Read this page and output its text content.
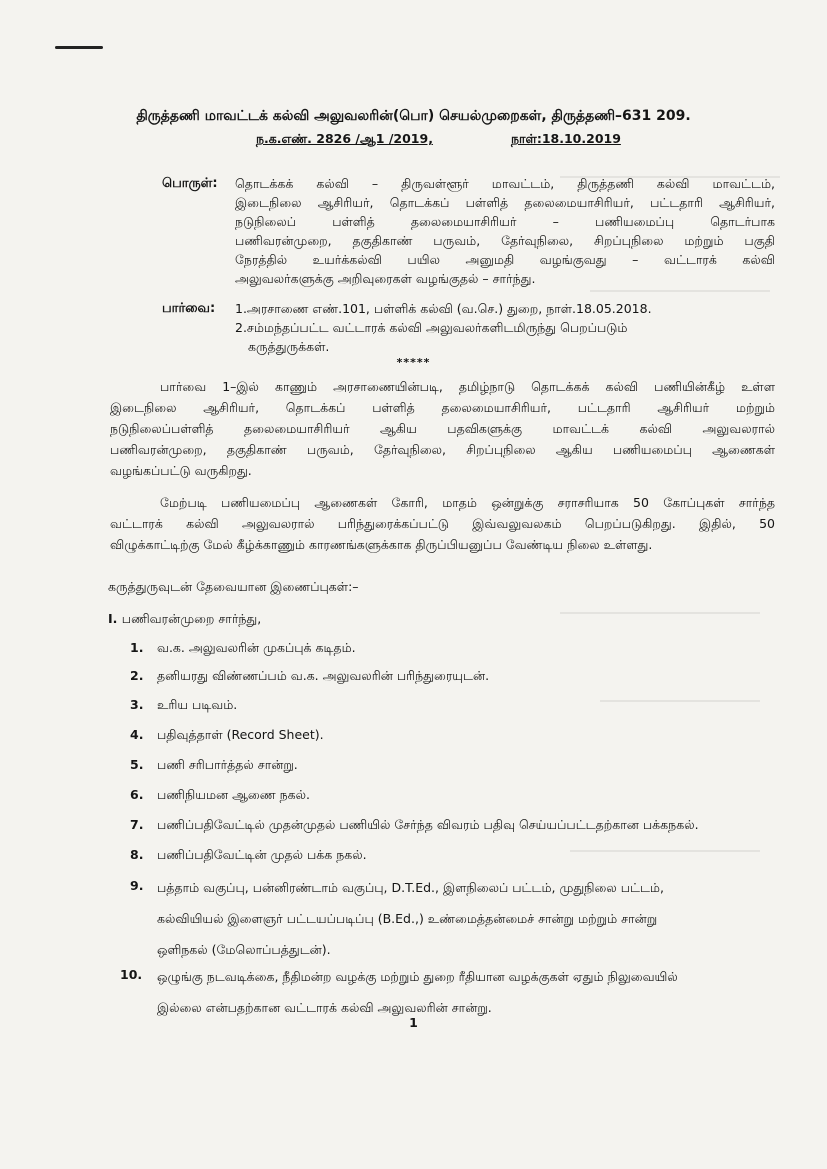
திருத்தணி மாவட்டக் கல்வி அலுவலரின்(பொ) செயல்முறைகள், திருத்தணி–631 209.
ந.க.எண். 2826 /ஆ1 /2019,	நாள்:18.10.2019
பொருள்: தொடக்கக் கல்வி – திருவள்ளூர் மாவட்டம், திருத்தணி கல்வி மாவட்டம்,
இடைநிலை ஆசிரியர், தொடக்கப் பள்ளித் தலைமையாசிரியர், பட்டதாரி ஆசிரியர்,
நடுநிலைப் பள்ளித் தலைமையாசிரியர் – பணியமைப்பு தொடர்பாக
பணிவரன்முறை, தகுதிகாண் பருவம், தேர்வுநிலை, சிறப்புநிலை மற்றும் பகுதி
நேரத்தில் உயர்க்கல்வி பயில அனுமதி வழங்குவது – வட்டாரக் கல்வி
அலுவலர்களுக்கு அறிவுரைகள் வழங்குதல் – சார்ந்து.
பார்வை: 1.அரசாணை எண்.101, பள்ளிக் கல்வி (வ.செ.) துறை, நாள்.18.05.2018.
2.சம்மந்தப்பட்ட வட்டாரக் கல்வி அலுவலர்களிடமிருந்து பெறப்படும்
கருத்துருக்கள்.
*****
பார்வை 1–இல் காணும் அரசாணையின்படி, தமிழ்நாடு தொடக்கக் கல்வி பணியின்கீழ் உள்ள
இடைநிலை ஆசிரியர், தொடக்கப் பள்ளித் தலைமையாசிரியர், பட்டதாரி ஆசிரியர் மற்றும்
நடுநிலைப்பள்ளித் தலைமையாசிரியர் ஆகிய பதவிகளுக்கு மாவட்டக் கல்வி அலுவலரால்
பணிவரன்முறை, தகுதிகாண் பருவம், தேர்வுநிலை, சிறப்புநிலை ஆகிய பணியமைப்பு ஆணைகள்
வழங்கப்பட்டு வருகிறது.
மேற்படி பணியமைப்பு ஆணைகள் கோரி, மாதம் ஒன்றுக்கு சராசரியாக 50 கோப்புகள் சார்ந்த
வட்டாரக் கல்வி அலுவலரால் பரிந்துரைக்கப்பட்டு இவ்வலுவலகம் பெறப்படுகிறது. இதில், 50
விழுக்காட்டிற்கு மேல் கீழ்க்காணும் காரணங்களுக்காக திருப்பியனுப்ப வேண்டிய நிலை உள்ளது.
கருத்துருவுடன் தேவையான இணைப்புகள்:–
I. பணிவரன்முறை சார்ந்து,
1. வ.க. அலுவலரின் முகப்புக் கடிதம்.
2. தனியரது விண்ணப்பம் வ.க. அலுவலரின் பரிந்துரையுடன்.
3. உரிய படிவம்.
4. பதிவுத்தாள் (Record Sheet).
5. பணி சரிபார்த்தல் சான்று.
6. பணிநியமன ஆணை நகல்.
7. பணிப்பதிவேட்டில் முதன்முதல் பணியில் சேர்ந்த விவரம் பதிவு செய்யப்பட்டதற்கான பக்கநகல்.
8. பணிப்பதிவேட்டின் முதல் பக்க நகல்.
9. பத்தாம் வகுப்பு, பன்னிரண்டாம் வகுப்பு, D.T.Ed., இளநிலைப் பட்டம், முதுநிலை பட்டம்,
கல்வியியல் இளைஞர் பட்டயப்படிப்பு (B.Ed.,) உண்மைத்தன்மைச் சான்று மற்றும் சான்று
ஒளிநகல் (மேலொப்பத்துடன்).
10. ஒழுங்கு நடவடிக்கை, நீதிமன்ற வழக்கு மற்றும் துறை ரீதியான வழக்குகள் ஏதும் நிலுவையில்
இல்லை என்பதற்கான வட்டாரக் கல்வி அலுவலரின் சான்று.
1
